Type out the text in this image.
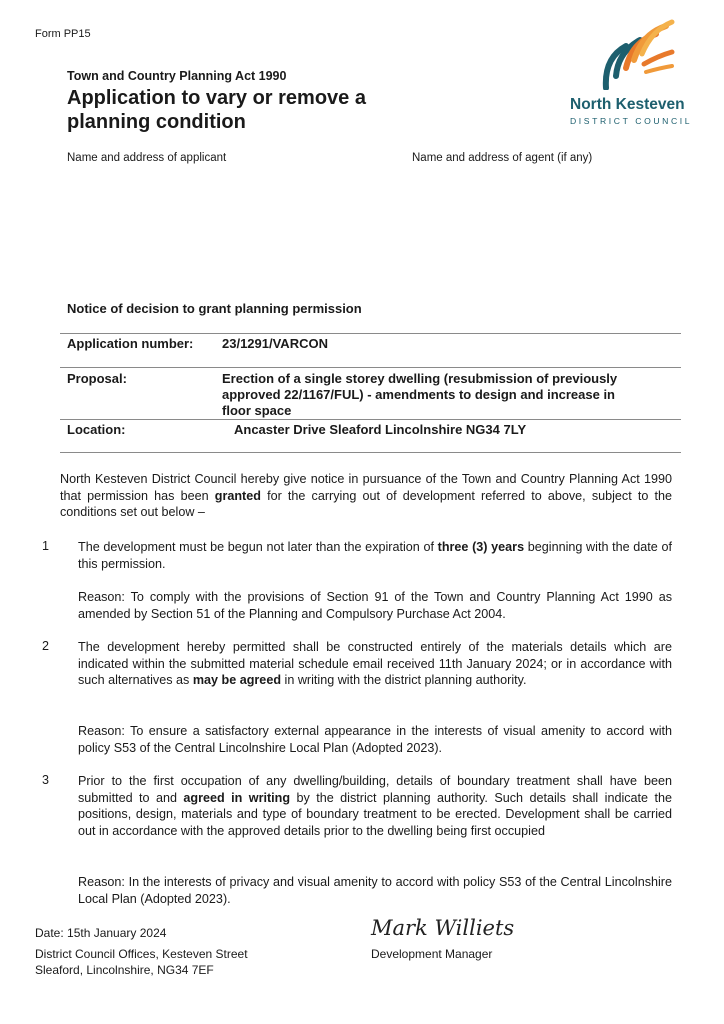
Form PP15
Town and Country Planning Act 1990
Application to vary or remove a planning condition
North Kesteven
DISTRICT COUNCIL
Name and address of applicant	Name and address of agent (if any)
Notice of decision to grant planning permission
Application number: 23/1291/VARCON
Proposal:	Erection of a single storey dwelling (resubmission of previously approved 22/1167/FUL) - amendments to design and increase in floor space
Location:	Ancaster Drive Sleaford Lincolnshire NG34 7LY
North Kesteven District Council hereby give notice in pursuance of the Town and Country Planning Act 1990 that permission has been granted for the carrying out of development referred to above, subject to the conditions set out below –
1 The development must be begun not later than the expiration of three (3) years beginning with the date of this permission.
Reason: To comply with the provisions of Section 91 of the Town and Country Planning Act 1990 as amended by Section 51 of the Planning and Compulsory Purchase Act 2004.
2 The development hereby permitted shall be constructed entirely of the materials details which are indicated within the submitted material schedule email received 11th January 2024; or in accordance with such alternatives as may be agreed in writing with the district planning authority.
Reason: To ensure a satisfactory external appearance in the interests of visual amenity to accord with policy S53 of the Central Lincolnshire Local Plan (Adopted 2023).
3 Prior to the first occupation of any dwelling/building, details of boundary treatment shall have been submitted to and agreed in writing by the district planning authority. Such details shall indicate the positions, design, materials and type of boundary treatment to be erected. Development shall be carried out in accordance with the approved details prior to the dwelling being first occupied
Reason: In the interests of privacy and visual amenity to accord with policy S53 of the Central Lincolnshire Local Plan (Adopted 2023).
Date: 15th January 2024
District Council Offices, Kesteven Street
Sleaford, Lincolnshire, NG34 7EF
Mark Williets
Development Manager
